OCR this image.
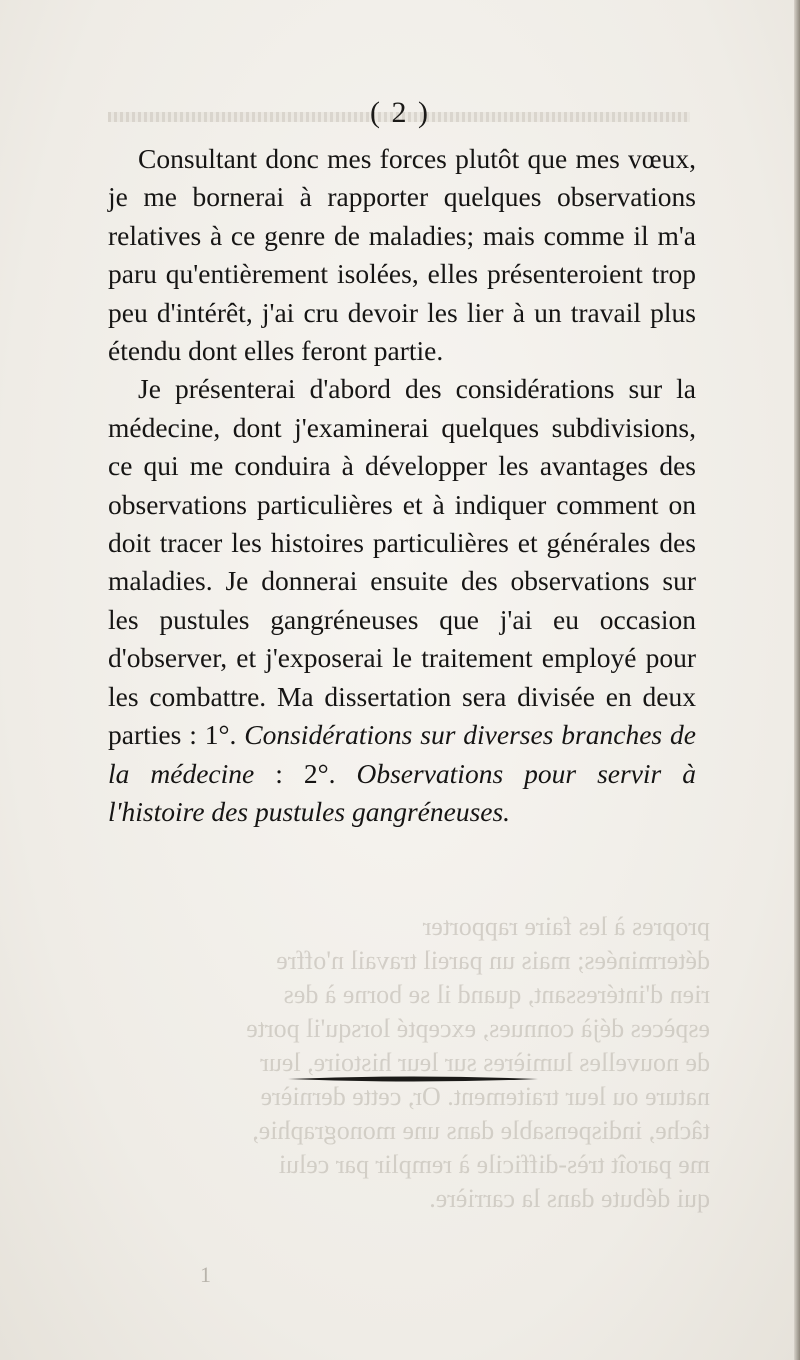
propres à les faire rapporter
déterminées; mais un pareil travail n'offre
rien d'intéressant, quand il se borne à des
espèces déjà connues, excepté lorsqu'il porte
de nouvelles lumières sur leur histoire, leur
nature ou leur traitement. Or, cette dernière
tâche, indispensable dans une monographie,
me paroît très-difficile à remplir par celui
qui débute dans la carrière.
( 2 )

Consultant donc mes forces plutôt que mes vœux, je me bornerai à rapporter quelques observations relatives à ce genre de maladies; mais comme il m'a paru qu'entièrement isolées, elles présenteroient trop peu d'intérêt, j'ai cru devoir les lier à un travail plus étendu dont elles feront partie.

Je présenterai d'abord des considérations sur la médecine, dont j'examinerai quelques subdivisions, ce qui me conduira à développer les avantages des observations particulières et à indiquer comment on doit tracer les histoires particulières et générales des maladies. Je donnerai ensuite des observations sur les pustules gangréneuses que j'ai eu occasion d'observer, et j'exposerai le traitement employé pour les combattre. Ma dissertation sera divisée en deux parties : 1°. Considérations sur diverses branches de la médecine : 2°. Observations pour servir à l'histoire des pustules gangréneuses.

1
